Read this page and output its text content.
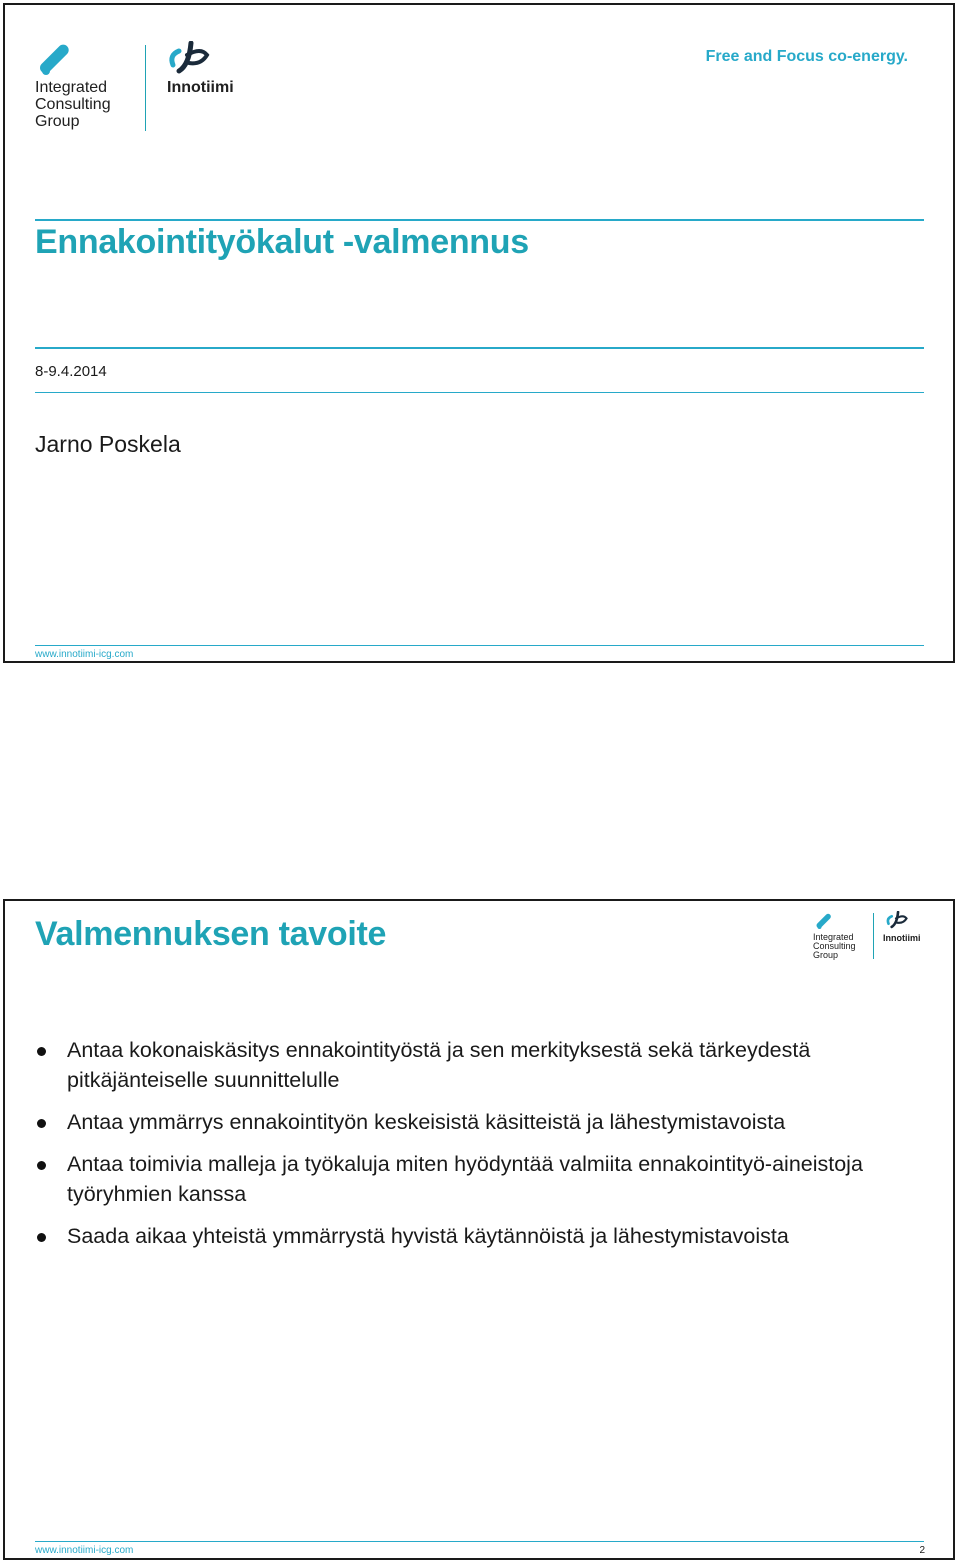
Integrated
Consulting
Group
Innotiimi
Free and Focus co-energy.
Ennakointityökalut -valmennus
8-9.4.2014
Jarno Poskela
www.innotiimi-icg.com
Valmennuksen tavoite	Integrated
Consulting
Group
Innotiimi
Antaa kokonaiskäsitys ennakointityöstä ja sen merkityksestä sekä tärkeydestä pitkäjänteiselle suunnittelulle
Antaa ymmärrys ennakointityön keskeisistä käsitteistä ja lähestymistavoista
Antaa toimivia malleja ja työkaluja miten hyödyntää valmiita ennakointityö-aineistoja työryhmien kanssa
Saada aikaa yhteistä ymmärrystä hyvistä käytännöistä ja lähestymistavoista
www.innotiimi-icg.com	2
